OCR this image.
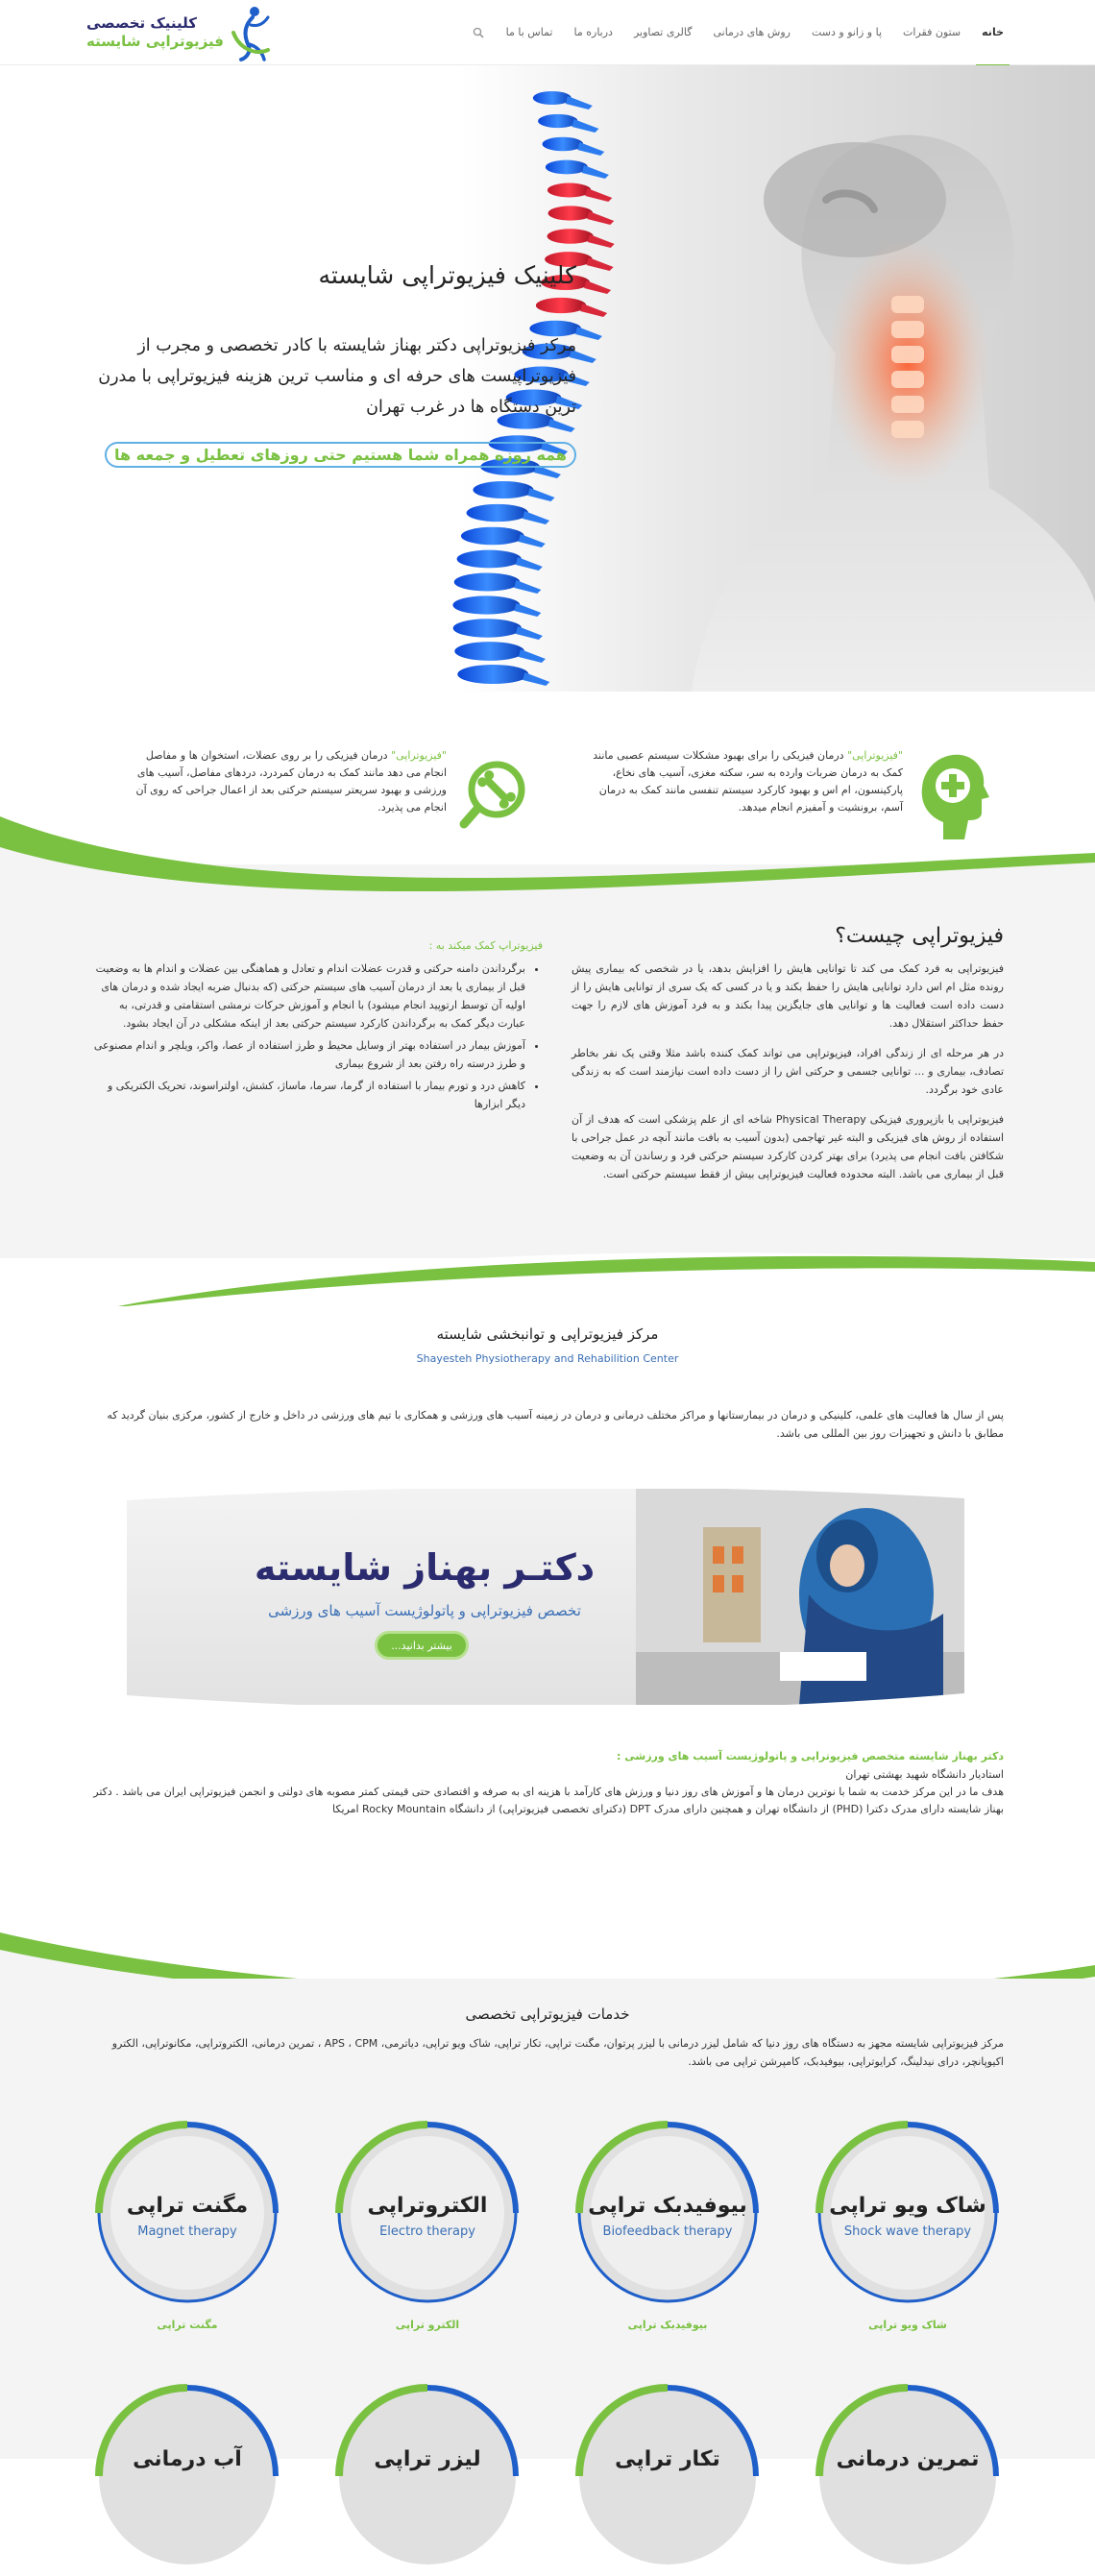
خانه
ستون فقرات
پا و زانو و دست
روش های درمانی
گالری تصاویر
درباره ما
تماس با ما
کلینیک تخصصی
فیزیوتراپی شایسته
کلینیک فیزیوتراپی شایسته
مرکز فیزیوتراپی دکتر بهناز شایسته با کادر تخصصی و مجرب از فیزیوتراپیست های حرفه ای و مناسب ترین هزینه فیزیوتراپی با مدرن ترین دستگاه ها در غرب تهران
همه روزه همراه شما هستیم حتی روزهای تعطیل و جمعه ها
"فیزیوتراپی" درمان فیزیکی را برای بهبود مشکلات سیستم عصبی مانند کمک به درمان ضربات وارده به سر، سکته مغزی، آسیب های نخاع، پارکینسون، ام اس و بهبود کارکرد سیستم تنفسی مانند کمک به درمان آسم، برونشیت و آمفیزم انجام میدهد.
"فیزیوتراپی" درمان فیزیکی را بر روی عضلات، استخوان ها و مفاصل انجام می دهد مانند کمک به درمان کمردرد، دردهای مفاصل، آسیب های ورزشی و بهبود سریعتر سیستم حرکتی بعد از اعمال جراحی که روی آن انجام می پذیرد.
فیزیوتراپی چیست؟

فیزیوتراپی به فرد کمک می کند تا توانایی هایش را افزایش بدهد، یا در شخصی که بیماری پیش رونده مثل ام اس دارد توانایی هایش را حفظ بکند و یا در کسی که یک سری از توانایی هایش را از دست داده است فعالیت ها و توانایی های جایگزین پیدا بکند و به فرد آموزش های لازم را جهت حفظ حداکثر استقلال دهد.

در هر مرحله ای از زندگی افراد، فیزیوتراپی می تواند کمک کننده باشد مثلا وقتی یک نفر بخاطر تصادف، بیماری و ... توانایی جسمی و حرکتی اش را از دست داده است نیازمند است که به زندگی عادی خود برگردد.

فیزیوتراپی یا بازپروری فیزیکی Physical Therapy شاخه ای از علم پزشکی است که هدف از آن استفاده از روش های فیزیکی و البته غیر تهاجمی (بدون آسیب به بافت مانند آنچه در عمل جراحی با شکافتن بافت انجام می پذیرد) برای بهتر کردن کارکرد سیستم حرکتی فرد و رساندن آن به وضعیت قبل از بیماری می باشد. البته محدوده فعالیت فیزیوتراپی بیش از فقط سیستم حرکتی است.

فیزیوتراپ کمک میکند به :
• برگرداندن دامنه حرکتی و قدرت عضلات اندام و تعادل و هماهنگی بین عضلات و اندام ها به وضعیت قبل از بیماری یا بعد از درمان آسیب های سیستم حرکتی (که بدنبال ضربه ایجاد شده و درمان های اولیه آن توسط ارتوپید انجام میشود) با انجام و آموزش حرکات نرمشی استقامتی و قدرتی، به عبارت دیگر کمک به برگرداندن کارکرد سیستم حرکتی بعد از اینکه مشکلی در آن ایجاد بشود.
• آموزش بیمار در استفاده بهتر از وسایل محیط و طرز استفاده از عصا، واکر، ویلچر و اندام مصنوعی و طرز درسته راه رفتن بعد از شروع بیماری
• کاهش درد و تورم بیمار با استفاده از گرما، سرما، ماساژ، کشش، اولتراسوند، تحریک الکتریکی و دیگر ابزارها
مرکز فیزیوتراپی و توانبخشی شایسته
Shayesteh Physiotherapy and Rehabilition Center
پس از سال ها فعالیت های علمی، کلینیکی و درمان در بیمارستانها و مراکز مختلف درمانی و درمان در زمینه آسیب های ورزشی و همکاری با تیم های ورزشی در داخل و خارج از کشور، مرکزی بنیان گردید که مطابق با دانش و تجهیزات روز بین المللی می باشد.
دکتـر بهناز شایسته
تخصص فیزیوتراپی و پاتولوژیست آسیب های ورزشی
بیشتر بدانید...
دکتر بهناز شایسته متخصص فیزیوتراپی و پاتولوژیست آسیب های ورزشی :
استادیار دانشگاه شهید بهشتی تهران
هدف ما در این مرکز خدمت به شما با نوترین درمان ها و آموزش های روز دنیا و ورزش های کارآمد با هزینه ای به صرفه و اقتصادی حتی قیمتی کمتر مصوبه های دولتی و انجمن فیزیوتراپی ایران می باشد . دکتر بهناز شایسته دارای مدرک دکترا (PHD) از دانشگاه تهران و همچنین دارای مدرک DPT (دکترای تخصصی فیزیوتراپی) از دانشگاه Rocky Mountain امریکا
خدمات فیزیوتراپی تخصصی
مرکز فیزیوتراپی شایسته مجهز به دستگاه های روز دنیا که شامل لیزر درمانی با لیزر پرتوان، مگنت تراپی، تکار تراپی، شاک ویو تراپی، دیاترمی، APS ، CPM ، تمرین درمانی، الکتروتراپی، مکانوتراپی، الکترو اکیوپانچر، درای نیدلینگ، کرایوتراپی، بیوفیدبک، کامپرشن تراپی می باشد.
شاک ویو تراپی
Shock wave therapy
شاک ویو تراپی
بیوفیدبک تراپی
Biofeedback therapy
بیوفیدبک تراپی
الکتروتراپی
Electro therapy
الکترو تراپی
مگنت تراپی
Magnet therapy
مگنت تراپی
تمرین درمانی
تکار تراپی
لیزر تراپی
آب درمانی
